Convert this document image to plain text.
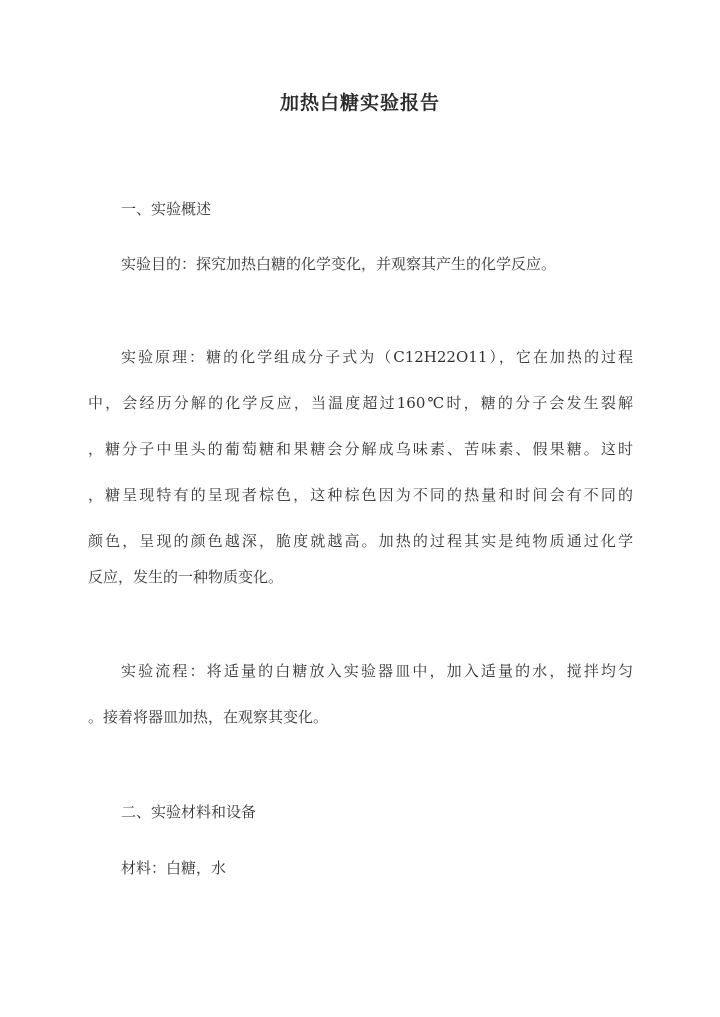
加热白糖实验报告
一、实验概述
实验目的：探究加热白糖的化学变化，并观察其产生的化学反应。
实验原理：糖的化学组成分子式为（C12H22O11），它在加热的过程
中，会经历分解的化学反应，当温度超过160℃时，糖的分子会发生裂解
，糖分子中里头的葡萄糖和果糖会分解成乌味素、苦味素、假果糖。这时
，糖呈现特有的呈现者棕色，这种棕色因为不同的热量和时间会有不同的
颜色，呈现的颜色越深，脆度就越高。加热的过程其实是纯物质通过化学
反应，发生的一种物质变化。
实验流程：将适量的白糖放入实验器皿中，加入适量的水，搅拌均匀
。接着将器皿加热，在观察其变化。
二、实验材料和设备
材料：白糖，水
